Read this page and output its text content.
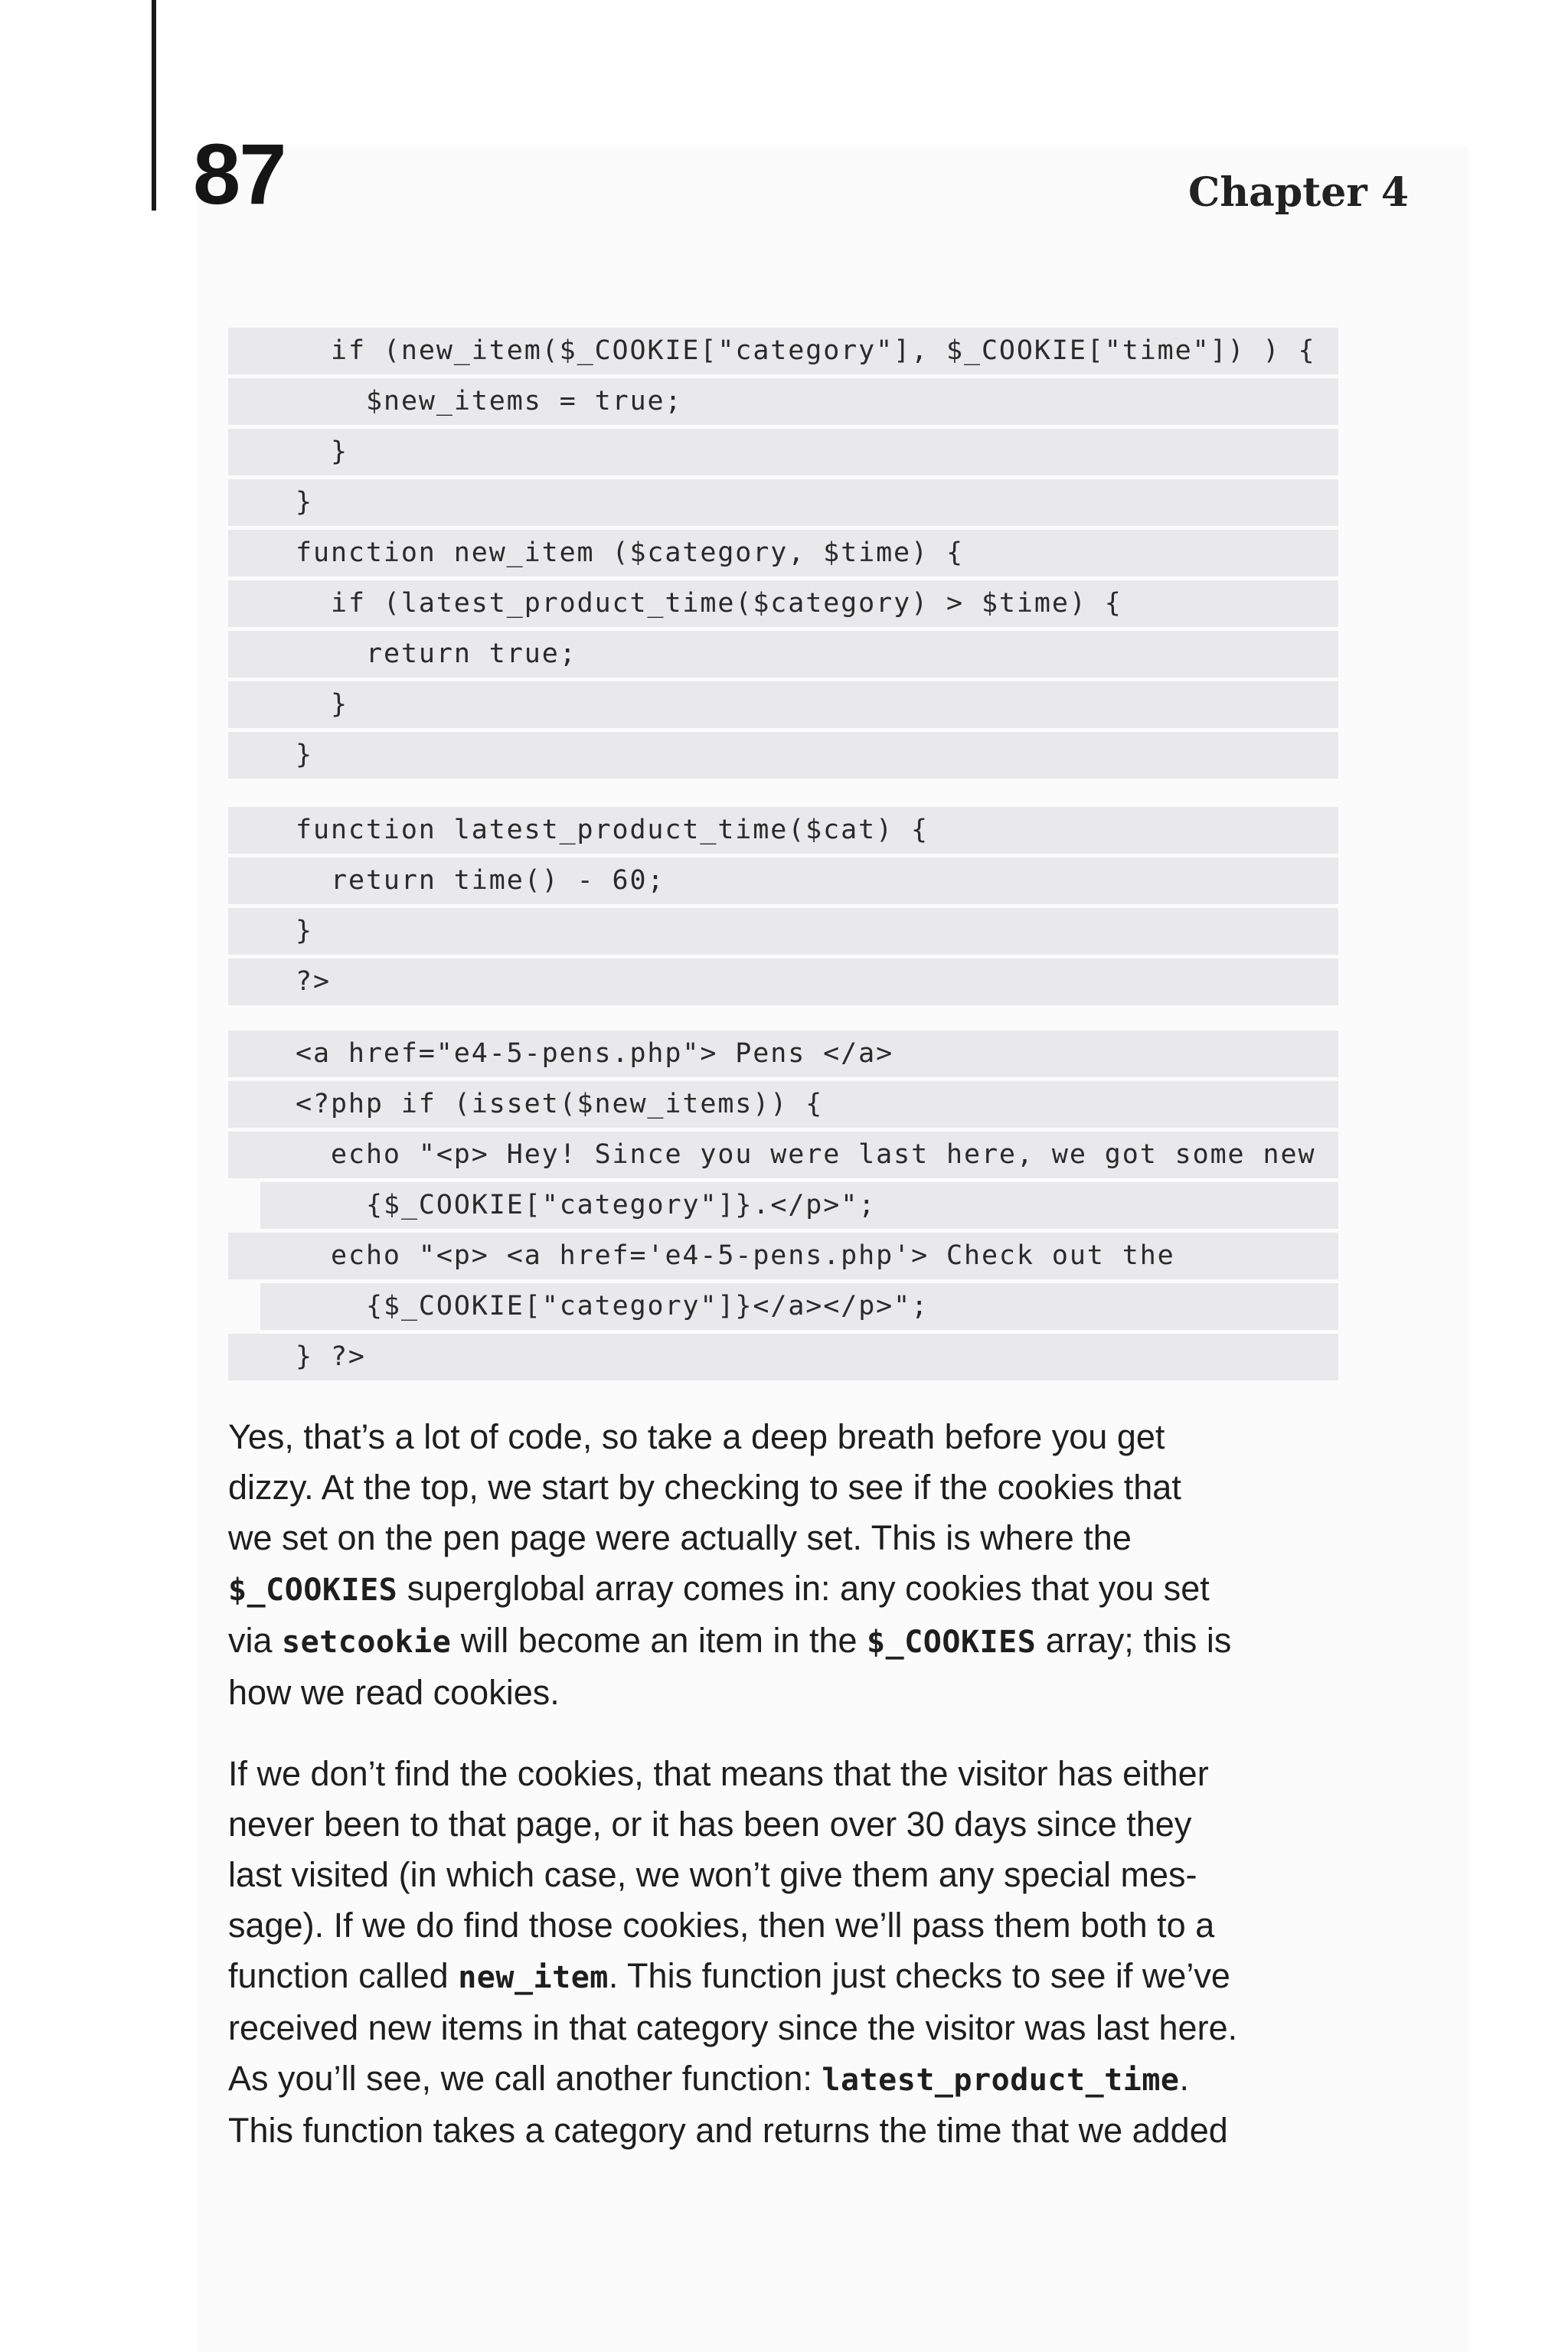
87	Chapter 4
if (new_item($_COOKIE["category"], $_COOKIE["time"]) ) {
$new_items = true;
}
}
function new_item ($category, $time) {
if (latest_product_time($category) > $time) {
return true;
}
}
function latest_product_time($cat) {
return time() - 60;
}
?>
<a href="e4-5-pens.php"> Pens </a>
<?php if (isset($new_items)) {
echo "<p> Hey! Since you were last here, we got some new
{$_COOKIE["category"]}.</p>";
echo "<p> <a href='e4-5-pens.php'> Check out the
{$_COOKIE["category"]}</a></p>";
} ?>

Yes, that’s a lot of code, so take a deep breath before you get
dizzy. At the top, we start by checking to see if the cookies that
we set on the pen page were actually set. This is where the
$_COOKIES superglobal array comes in: any cookies that you set
via setcookie will become an item in the $_COOKIES array; this is
how we read cookies.

If we don’t find the cookies, that means that the visitor has either
never been to that page, or it has been over 30 days since they
last visited (in which case, we won’t give them any special mes-
sage). If we do find those cookies, then we’ll pass them both to a
function called new_item. This function just checks to see if we’ve
received new items in that category since the visitor was last here.
As you’ll see, we call another function: latest_product_time.
This function takes a category and returns the time that we added
